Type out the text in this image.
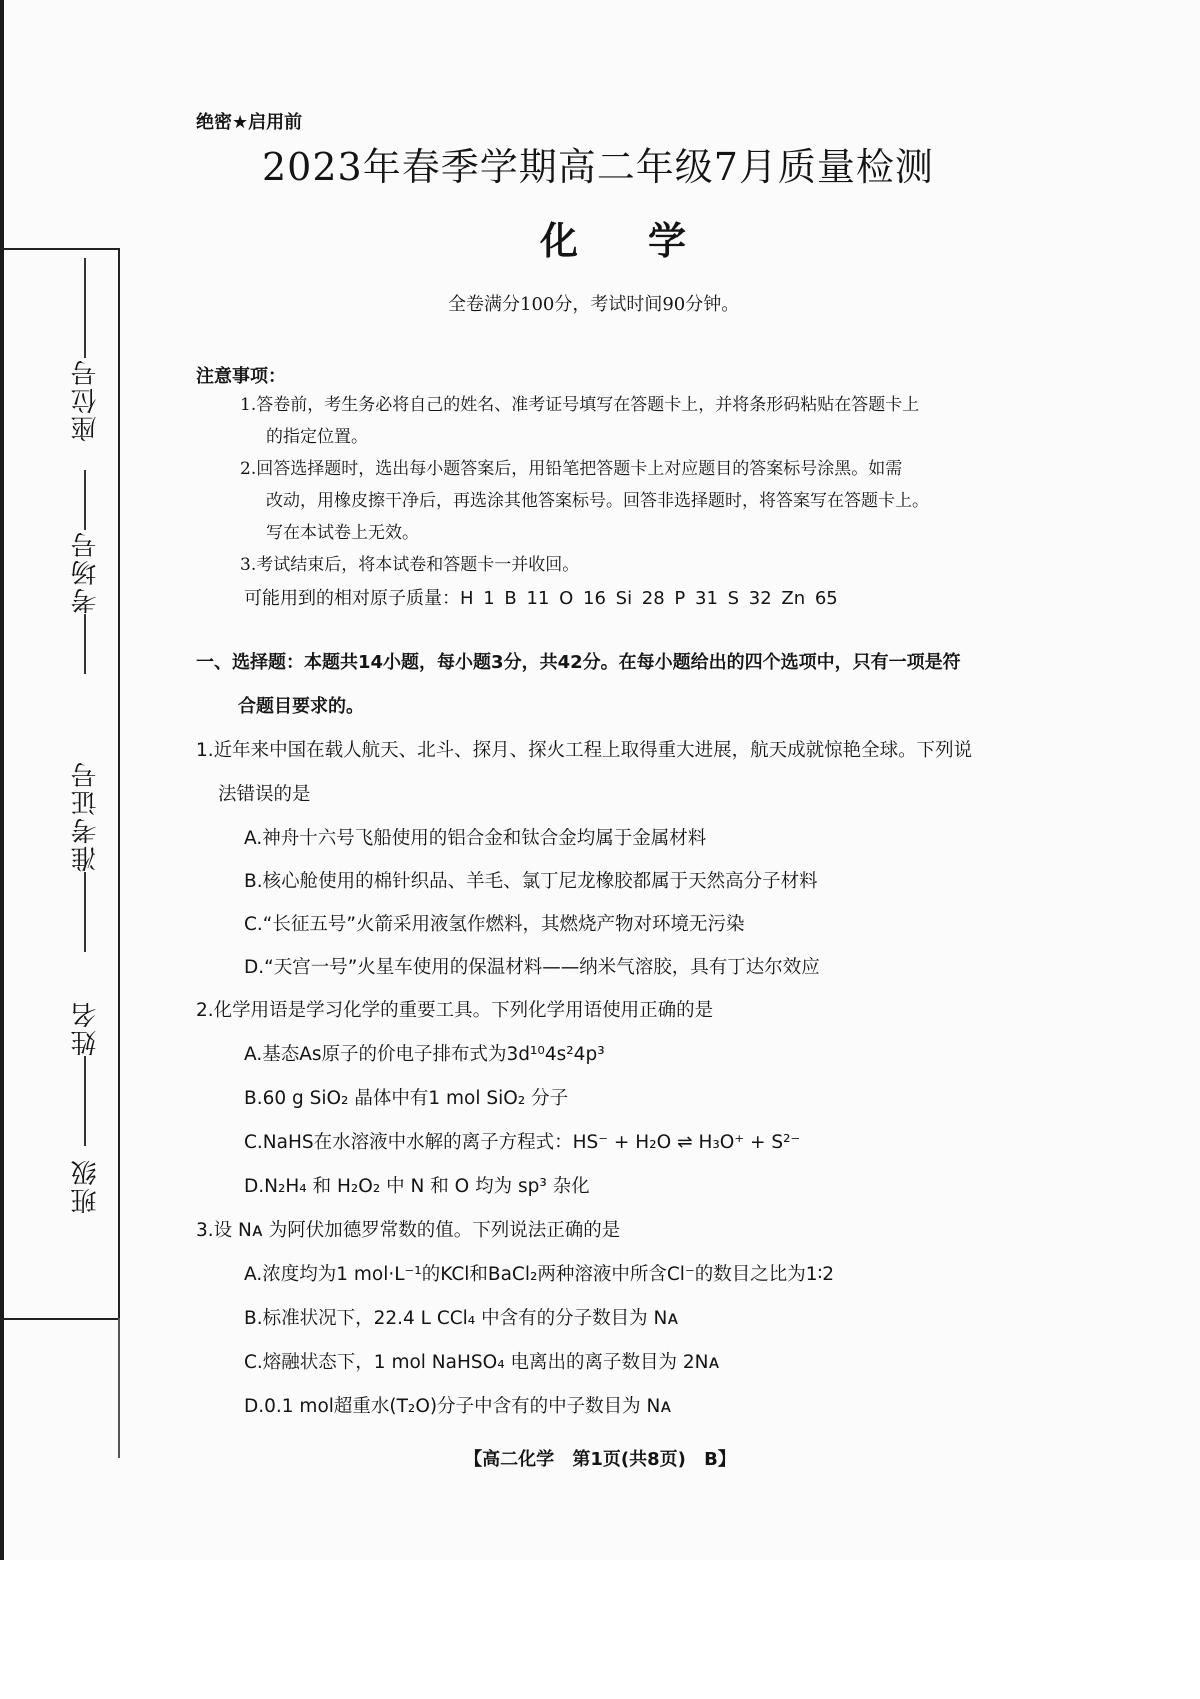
座位号
考场号
准考证号
姓名
班级
绝密★启用前
2023年春季学期高二年级7月质量检测
化学
全卷满分100分，考试时间90分钟。
注意事项：
1.答卷前，考生务必将自己的姓名、准考证号填写在答题卡上，并将条形码粘贴在答题卡上
的指定位置。
2.回答选择题时，选出每小题答案后，用铅笔把答题卡上对应题目的答案标号涂黑。如需
改动，用橡皮擦干净后，再选涂其他答案标号。回答非选择题时，将答案写在答题卡上。
写在本试卷上无效。
3.考试结束后，将本试卷和答题卡一并收回。
可能用到的相对原子质量：H 1 B 11 O 16 Si 28 P 31 S 32 Zn 65
一、选择题：本题共14小题，每小题3分，共42分。在每小题给出的四个选项中，只有一项是符
合题目要求的。
1.近年来中国在载人航天、北斗、探月、探火工程上取得重大进展，航天成就惊艳全球。下列说
法错误的是
A.神舟十六号飞船使用的铝合金和钛合金均属于金属材料
B.核心舱使用的棉针织品、羊毛、氯丁尼龙橡胶都属于天然高分子材料
C.“长征五号”火箭采用液氢作燃料，其燃烧产物对环境无污染
D.“天宫一号”火星车使用的保温材料——纳米气溶胶，具有丁达尔效应
2.化学用语是学习化学的重要工具。下列化学用语使用正确的是
A.基态As原子的价电子排布式为3d¹⁰4s²4p³
B.60 g SiO₂ 晶体中有1 mol SiO₂ 分子
C.NaHS在水溶液中水解的离子方程式：HS⁻ + H₂O ⇌ H₃O⁺ + S²⁻
D.N₂H₄ 和 H₂O₂ 中 N 和 O 均为 sp³ 杂化
3.设 Nᴀ 为阿伏加德罗常数的值。下列说法正确的是
A.浓度均为1 mol·L⁻¹的KCl和BaCl₂两种溶液中所含Cl⁻的数目之比为1∶2
B.标准状况下，22.4 L CCl₄ 中含有的分子数目为 Nᴀ
C.熔融状态下，1 mol NaHSO₄ 电离出的离子数目为 2Nᴀ
D.0.1 mol超重水(T₂O)分子中含有的中子数目为 Nᴀ
【高二化学 第1页(共8页) B】
